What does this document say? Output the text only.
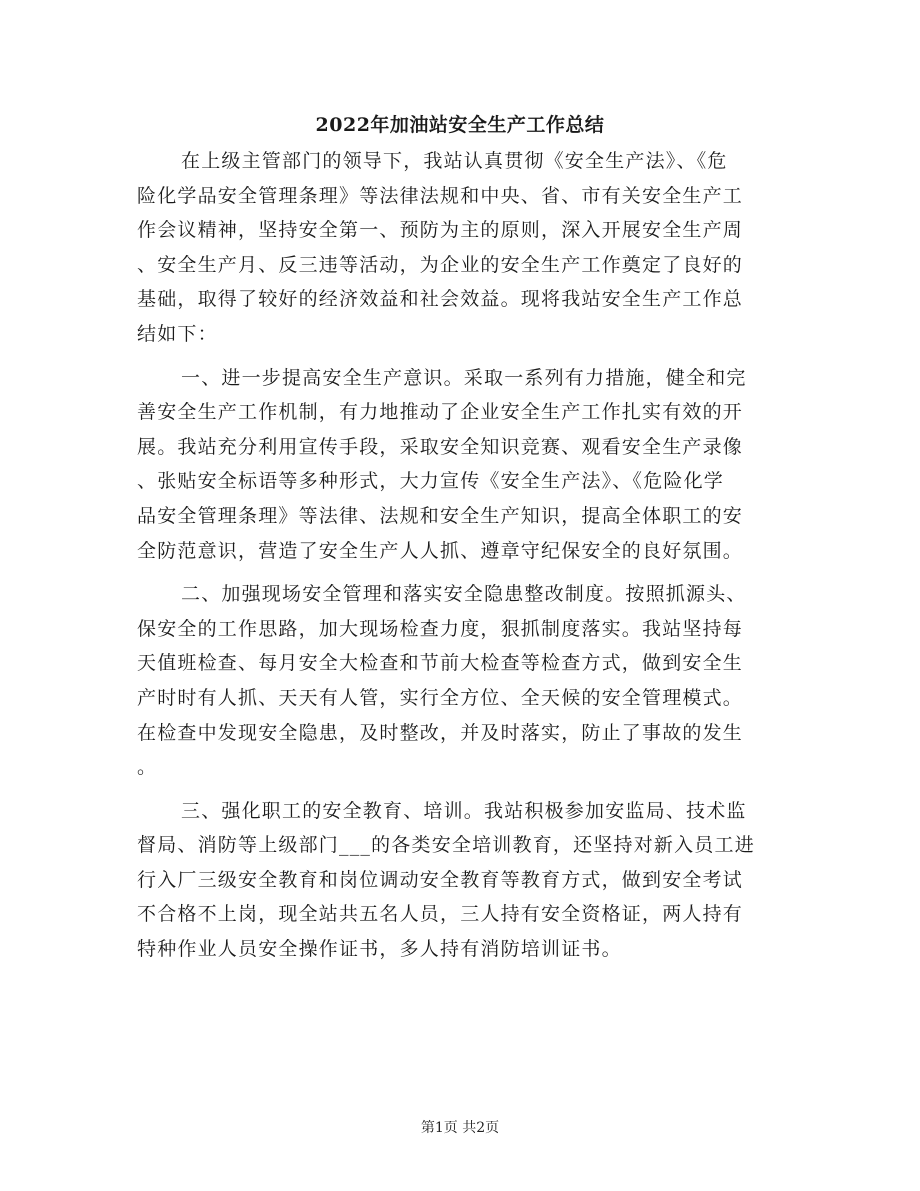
2022年加油站安全生产工作总结
在上级主管部门的领导下，我站认真贯彻《安全生产法》、《危
险化学品安全管理条理》等法律法规和中央、省、市有关安全生产工
作会议精神，坚持安全第一、预防为主的原则，深入开展安全生产周
、安全生产月、反三违等活动，为企业的安全生产工作奠定了良好的
基础，取得了较好的经济效益和社会效益。现将我站安全生产工作总
结如下：
一、进一步提高安全生产意识。采取一系列有力措施，健全和完
善安全生产工作机制，有力地推动了企业安全生产工作扎实有效的开
展。我站充分利用宣传手段，采取安全知识竞赛、观看安全生产录像
、张贴安全标语等多种形式，大力宣传《安全生产法》、《危险化学
品安全管理条理》等法律、法规和安全生产知识，提高全体职工的安
全防范意识，营造了安全生产人人抓、遵章守纪保安全的良好氛围。
二、加强现场安全管理和落实安全隐患整改制度。按照抓源头、
保安全的工作思路，加大现场检查力度，狠抓制度落实。我站坚持每
天值班检查、每月安全大检查和节前大检查等检查方式，做到安全生
产时时有人抓、天天有人管，实行全方位、全天候的安全管理模式。
在检查中发现安全隐患，及时整改，并及时落实，防止了事故的发生
。
三、强化职工的安全教育、培训。我站积极参加安监局、技术监
督局、消防等上级部门___的各类安全培训教育，还坚持对新入员工进
行入厂三级安全教育和岗位调动安全教育等教育方式，做到安全考试
不合格不上岗，现全站共五名人员，三人持有安全资格证，两人持有
特种作业人员安全操作证书，多人持有消防培训证书。
第1页 共2页
